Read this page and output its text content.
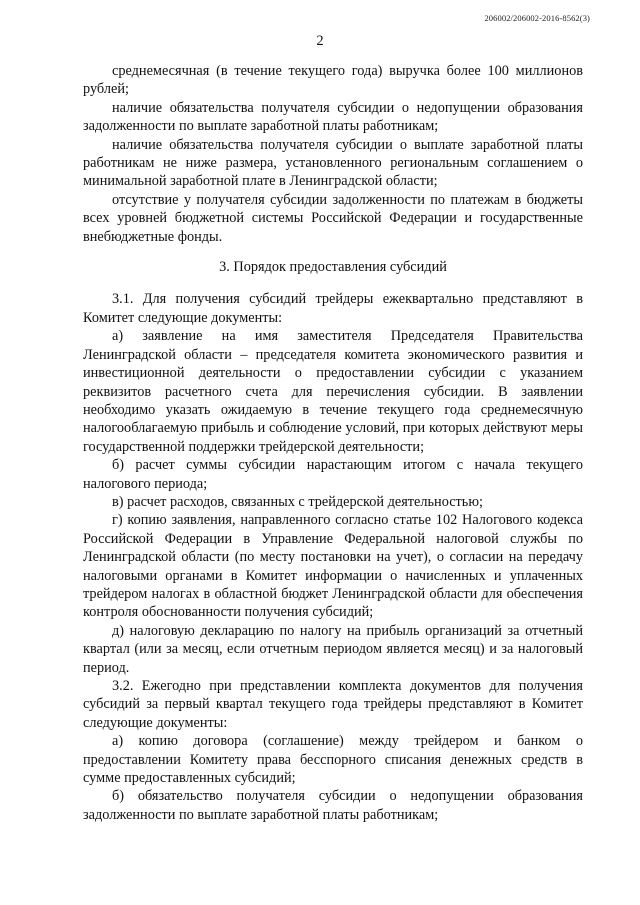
206002/206002-2016-8562(3)
2

среднемесячная (в течение текущего года) выручка более 100 миллионов рублей;

наличие обязательства получателя субсидии о недопущении образования задолженности по выплате заработной платы работникам;

наличие обязательства получателя субсидии о выплате заработной платы работникам не ниже размера, установленного региональным соглашением о минимальной заработной плате в Ленинградской области;

отсутствие у получателя субсидии задолженности по платежам в бюджеты всех уровней бюджетной системы Российской Федерации и государственные внебюджетные фонды.

3. Порядок предоставления субсидий

3.1. Для получения субсидий трейдеры ежеквартально представляют в Комитет следующие документы:

а) заявление на имя заместителя Председателя Правительства Ленинградской области – председателя комитета экономического развития и инвестиционной деятельности о предоставлении субсидии с указанием реквизитов расчетного счета для перечисления субсидии. В заявлении необходимо указать ожидаемую в течение текущего года среднемесячную налогооблагаемую прибыль и соблюдение условий, при которых действуют меры государственной поддержки трейдерской деятельности;

б) расчет суммы субсидии нарастающим итогом с начала текущего налогового периода;

в) расчет расходов, связанных с трейдерской деятельностью;

г) копию заявления, направленного согласно статье 102 Налогового кодекса Российской Федерации в Управление Федеральной налоговой службы по Ленинградской области (по месту постановки на учет), о согласии на передачу налоговыми органами в Комитет информации о начисленных и уплаченных трейдером налогах в областной бюджет Ленинградской области для обеспечения контроля обоснованности получения субсидий;

д) налоговую декларацию по налогу на прибыль организаций за отчетный квартал (или за месяц, если отчетным периодом является месяц) и за налоговый период.

3.2. Ежегодно при представлении комплекта документов для получения субсидий за первый квартал текущего года трейдеры представляют в Комитет следующие документы:

а) копию договора (соглашение) между трейдером и банком о предоставлении Комитету права бесспорного списания денежных средств в сумме предоставленных субсидий;

б) обязательство получателя субсидии о недопущении образования задолженности по выплате заработной платы работникам;
